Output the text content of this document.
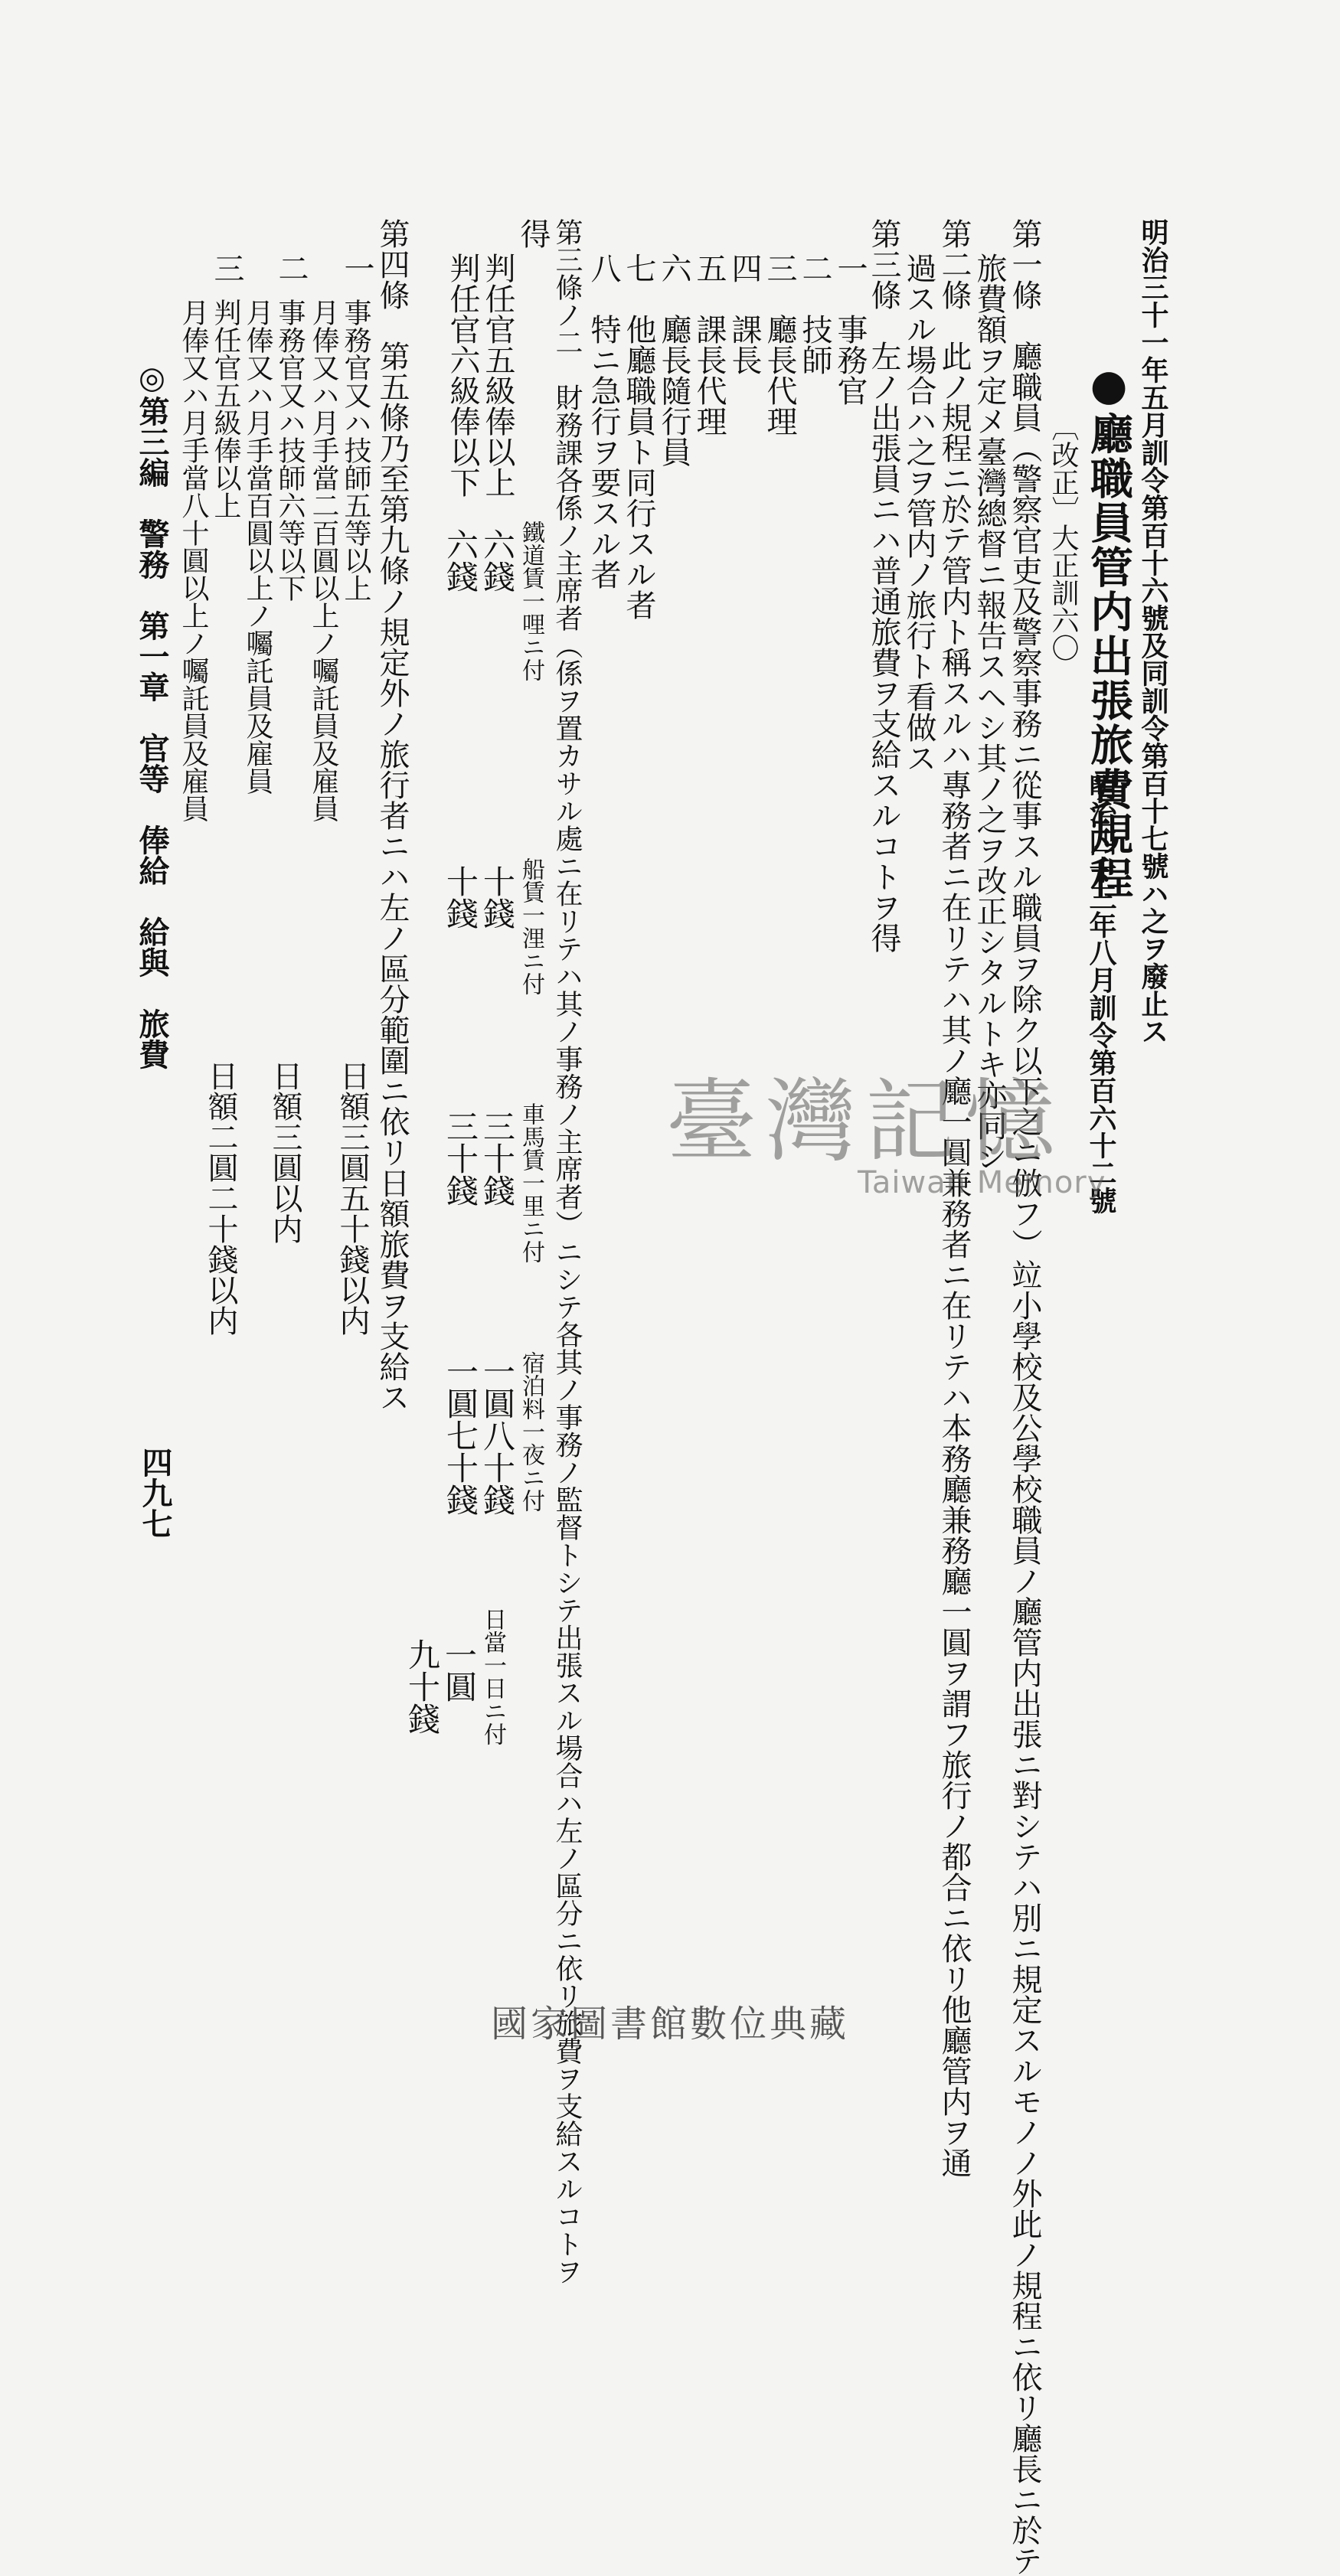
明治三十一年五月訓令第百十六號及同訓令第百十七號ハ之ヲ廢止ス
●廳職員管内出張旅費規程
明治四十三年八月訓令第百六十二號
〔改正〕大正訓六〇
第一條　廳職員（警察官吏及警察事務ニ從事スル職員ヲ除ク以下之ニ倣フ）竝小學校及公學校職員ノ廳管内出張ニ對シテハ別ニ規定スルモノノ外此ノ規程ニ依リ廳長ニ於テ
旅費額ヲ定メ臺灣總督ニ報告スヘシ其ノ之ヲ改正シタルトキ亦同シ
第二條　此ノ規程ニ於テ管内ト稱スルハ專務者ニ在リテハ其ノ廳一圓兼務者ニ在リテハ本務廳兼務廳一圓ヲ謂フ旅行ノ都合ニ依リ他廳管内ヲ通
過スル場合ハ之ヲ管内ノ旅行ト看做ス
第三條　左ノ出張員ニハ普通旅費ヲ支給スルコトヲ得
一　事務官
二　技師
三　廳長代理
四　課長
五　課長代理
六　廳長隨行員
七　他廳職員ト同行スル者
八　特ニ急行ヲ要スル者
第三條ノ二　財務課各係ノ主席者（係ヲ置カサル處ニ在リテハ其ノ事務ノ主席者）ニシテ各其ノ事務ノ監督トシテ出張スル場合ハ左ノ區分ニ依リ旅費ヲ支給スルコトヲ
得
判任官五級俸以上
判任官六級俸以下
鐵道賃一哩ニ付
船賃一浬ニ付
車馬賃一里ニ付
宿泊料一夜ニ付
日當一日ニ付
六錢
十錢
三十錢
一圓八十錢
一圓
六錢
十錢
三十錢
一圓七十錢
九十錢
第四條　第五條乃至第九條ノ規定外ノ旅行者ニハ左ノ區分範圍ニ依リ日額旅費ヲ支給ス
一
事務官又ハ技師五等以上
月俸又ハ月手當二百圓以上ノ囑託員及雇員
日額三圓五十錢以内
二
事務官又ハ技師六等以下
月俸又ハ月手當百圓以上ノ囑託員及雇員
日額三圓以内
三
判任官五級俸以上
月俸又ハ月手當八十圓以上ノ囑託員及雇員
日額二圓二十錢以内
◎第三編　警務　第一章　官等　俸給　給與　旅費
四九七
臺灣記憶
Taiwan Memory
國家圖書館數位典藏
